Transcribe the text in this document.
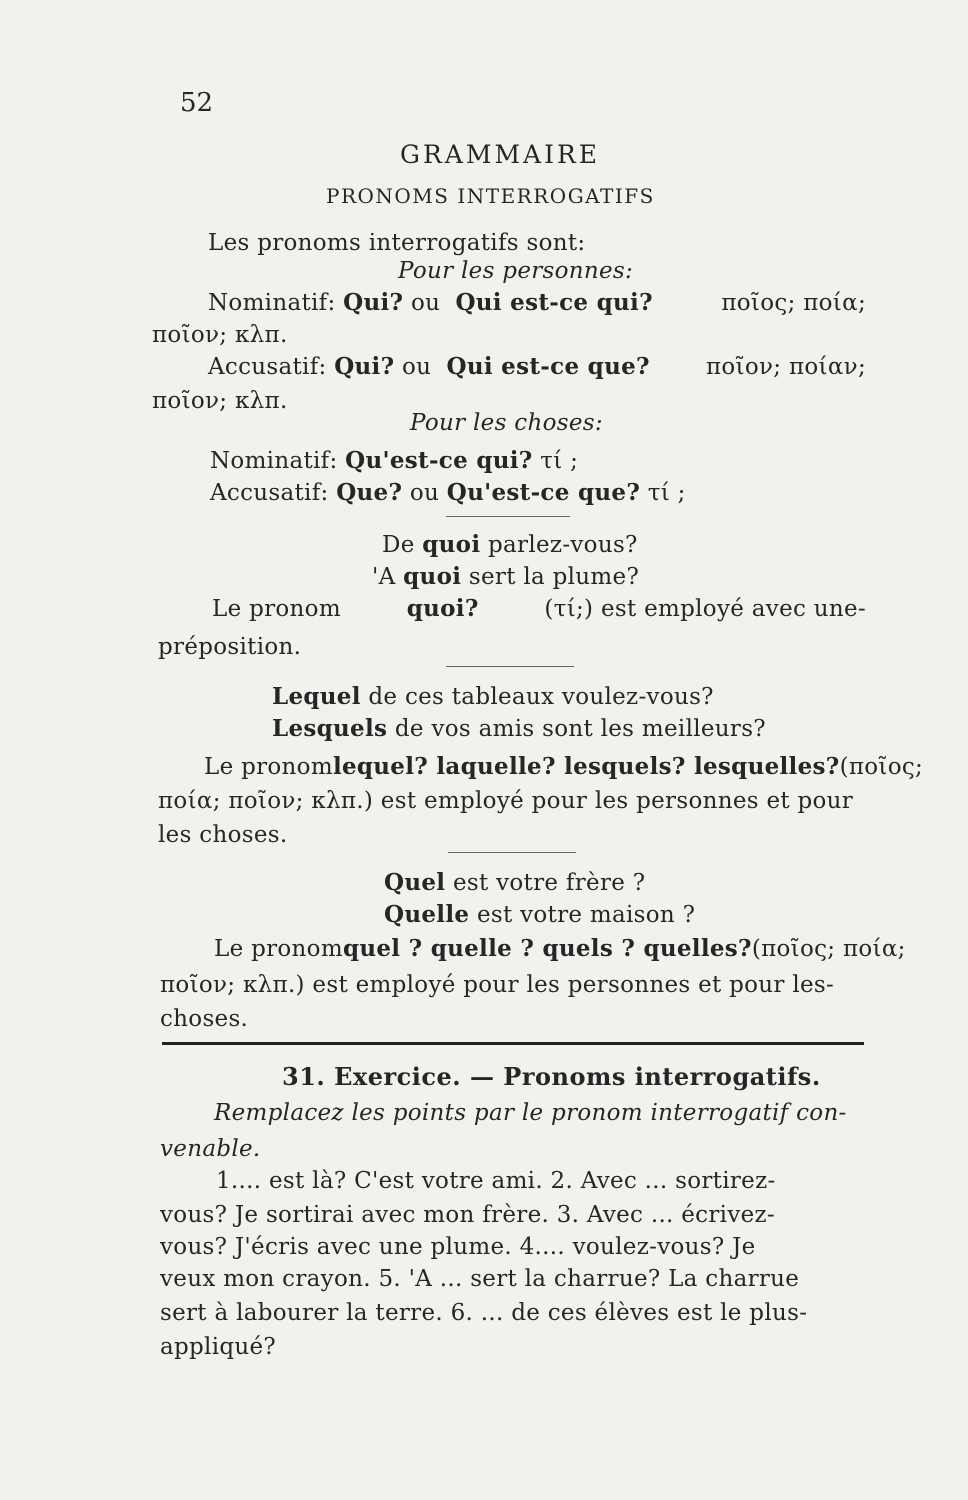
52
GRAMMAIRE
PRONOMS INTERROGATIFS
Les pronoms interrogatifs sont:
Pour les personnes:
Nominatif: Qui? ou Qui est-ce qui?	ποῖος; ποία;
ποῖον; κλπ.
Accusatif: Qui? ou Qui est-ce que? ποῖον; ποίαν;
ποῖον; κλπ.
Pour les choses:
Nominatif: Qu'est-ce qui? τί ;
Accusatif: Que? ou Qu'est-ce que? τί ;
De quoi parlez-vous?
'A quoi sert la plume?
Le pronom	quoi?	(τί;) est employé avec une-
préposition.
Lequel de ces tableaux voulez-vous?
Lesquels de vos amis sont les meilleurs?
Le pronom lequel? laquelle? lesquels? lesquelles? (ποῖος;
ποία; ποῖον; κλπ.) est employé pour les personnes et pour
les choses.
Quel est votre frère ?
Quelle est votre maison ?
Le pronom quel ? quelle ? quels ? quelles? (ποῖος; ποία;
ποῖον; κλπ.) est employé pour les personnes et pour les-
choses.
31. Exercice. — Pronoms interrogatifs.
Remplacez les points par le pronom interrogatif con-
venable.
1.... est là? C'est votre ami. 2. Avec ... sortirez-
vous? Je sortirai avec mon frère. 3. Avec ... écrivez-
vous? J'écris avec une plume. 4.... voulez-vous? Je
veux mon crayon. 5. 'A ... sert la charrue? La charrue
sert à labourer la terre. 6. ... de ces élèves est le plus-
appliqué?
